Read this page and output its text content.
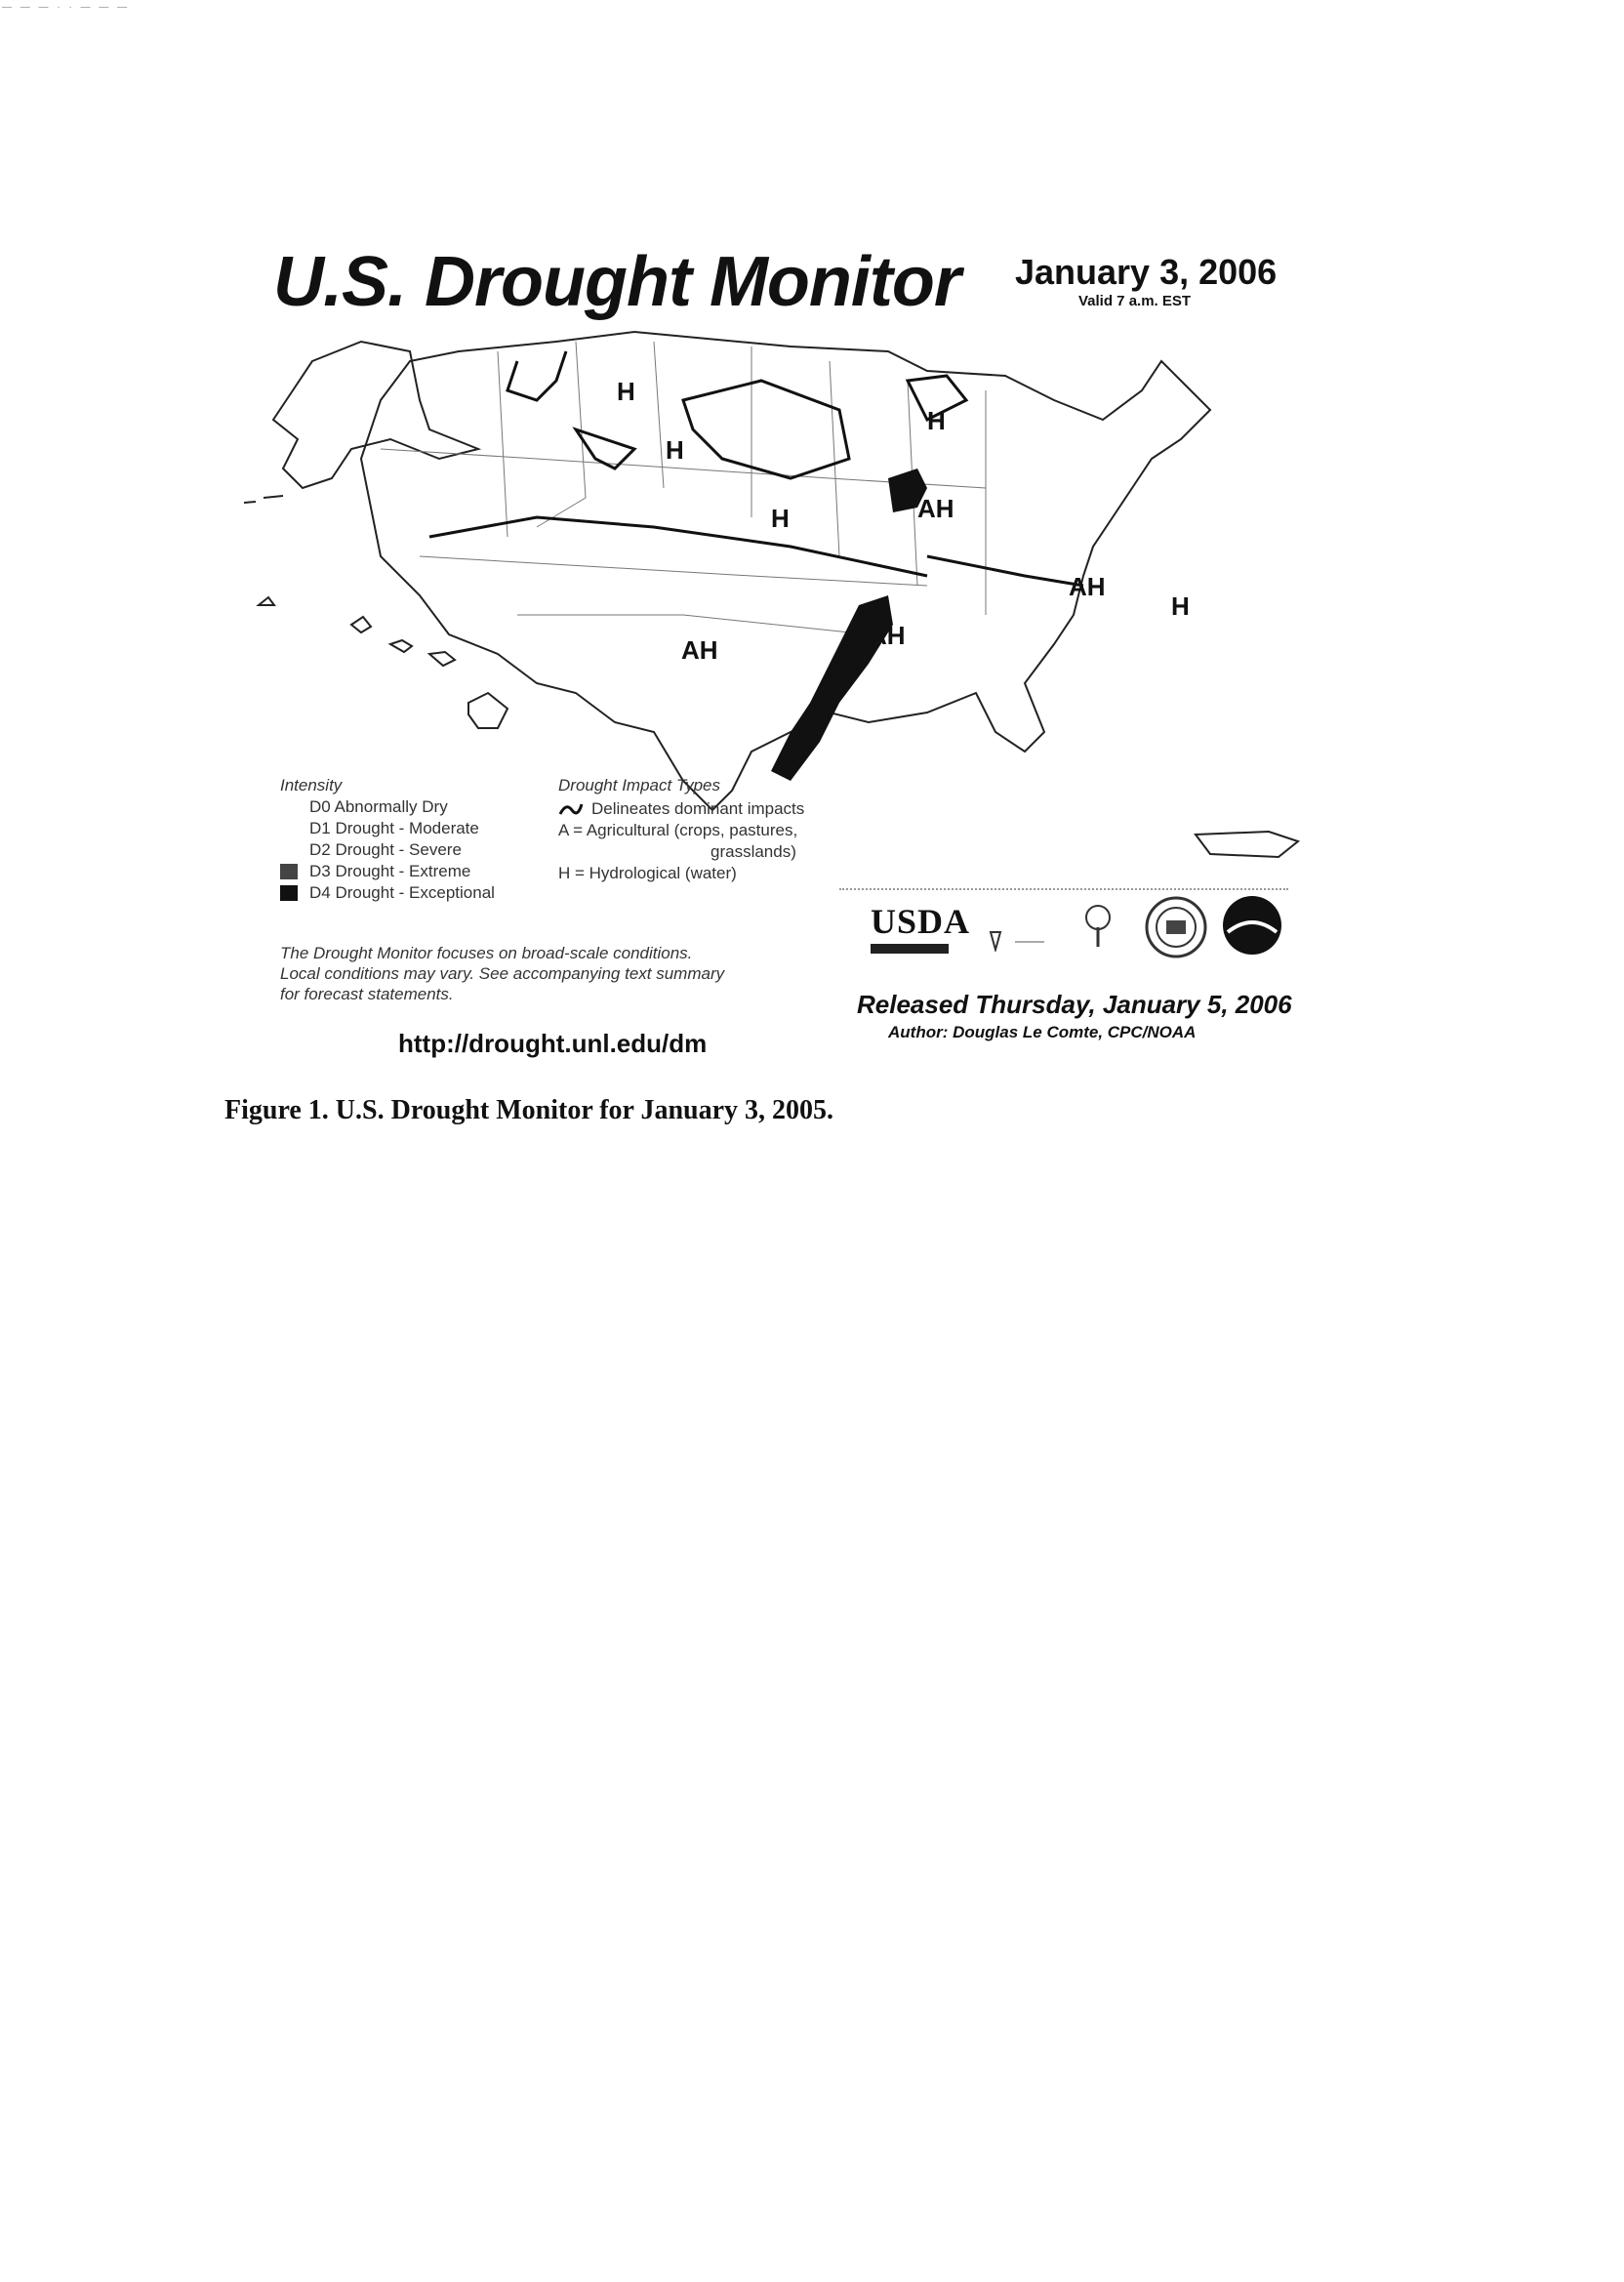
— — — · · — — —
U.S. Drought Monitor January 3, 2006
Valid 7 a.m. EST
H
H
H
H
AH
AH	AH
AH
H
Intensity
D0 Abnormally Dry
D1 Drought - Moderate
D2 Drought - Severe
D3 Drought - Extreme
D4 Drought - Exceptional
Drought Impact Types
Delineates dominant impacts
A = Agricultural (crops, pastures,
grasslands)
H = Hydrological (water)
USDA
The Drought Monitor focuses on broad-scale conditions.
Local conditions may vary. See accompanying text summary
for forecast statements.
http://drought.unl.edu/dm
Released Thursday, January 5, 2006
Author: Douglas Le Comte, CPC/NOAA
Figure 1. U.S. Drought Monitor for January 3, 2005.
